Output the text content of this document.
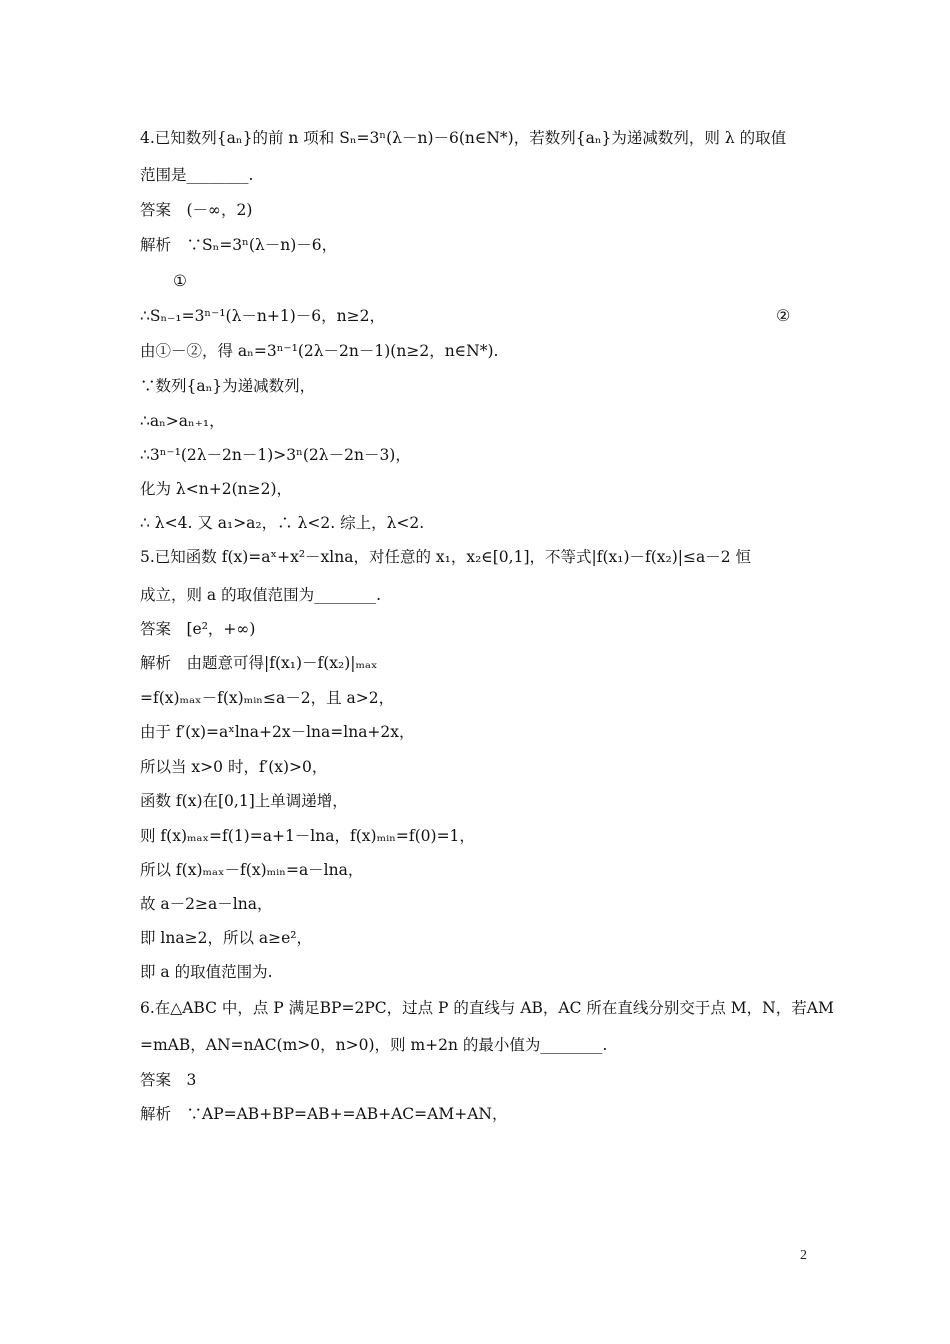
4.已知数列{aₙ}的前 n 项和 Sₙ=3ⁿ(λ－n)－6(n∈N*)，若数列{aₙ}为递减数列，则 λ 的取值
范围是________.
答案　(－∞，2)
解析　∵Sₙ=3ⁿ(λ－n)－6，
①
∴Sₙ₋₁=3ⁿ⁻¹(λ－n+1)－6，n≥2，	②
由①－②，得 aₙ=3ⁿ⁻¹(2λ－2n－1)(n≥2，n∈N*).
∵数列{aₙ}为递减数列，
∴aₙ>aₙ₊₁，
∴3ⁿ⁻¹(2λ－2n－1)>3ⁿ(2λ－2n－3)，
化为 λ<n+2(n≥2)，
∴ λ<4. 又 a₁>a₂，∴ λ<2. 综上，λ<2.
5.已知函数 f(x)=aˣ+x²－xlna，对任意的 x₁，x₂∈[0,1]，不等式|f(x₁)－f(x₂)|≤a－2 恒
成立，则 a 的取值范围为________.
答案　[e²，+∞)
解析　由题意可得|f(x₁)－f(x₂)|ₘₐₓ
=f(x)ₘₐₓ－f(x)ₘᵢₙ≤a－2，且 a>2，
由于 f′(x)=aˣlna+2x－lna=lna+2x，
所以当 x>0 时，f′(x)>0，
函数 f(x)在[0,1]上单调递增，
则 f(x)ₘₐₓ=f(1)=a+1－lna，f(x)ₘᵢₙ=f(0)=1，
所以 f(x)ₘₐₓ－f(x)ₘᵢₙ=a－lna，
故 a－2≥a－lna，
即 lna≥2，所以 a≥e²，
即 a 的取值范围为.
6.在△ABC 中，点 P 满足BP=2PC，过点 P 的直线与 AB，AC 所在直线分别交于点 M，N，若AM
=mAB，AN=nAC(m>0，n>0)，则 m+2n 的最小值为________.
答案　3
解析　∵AP=AB+BP=AB+=AB+AC=AM+AN，
2
